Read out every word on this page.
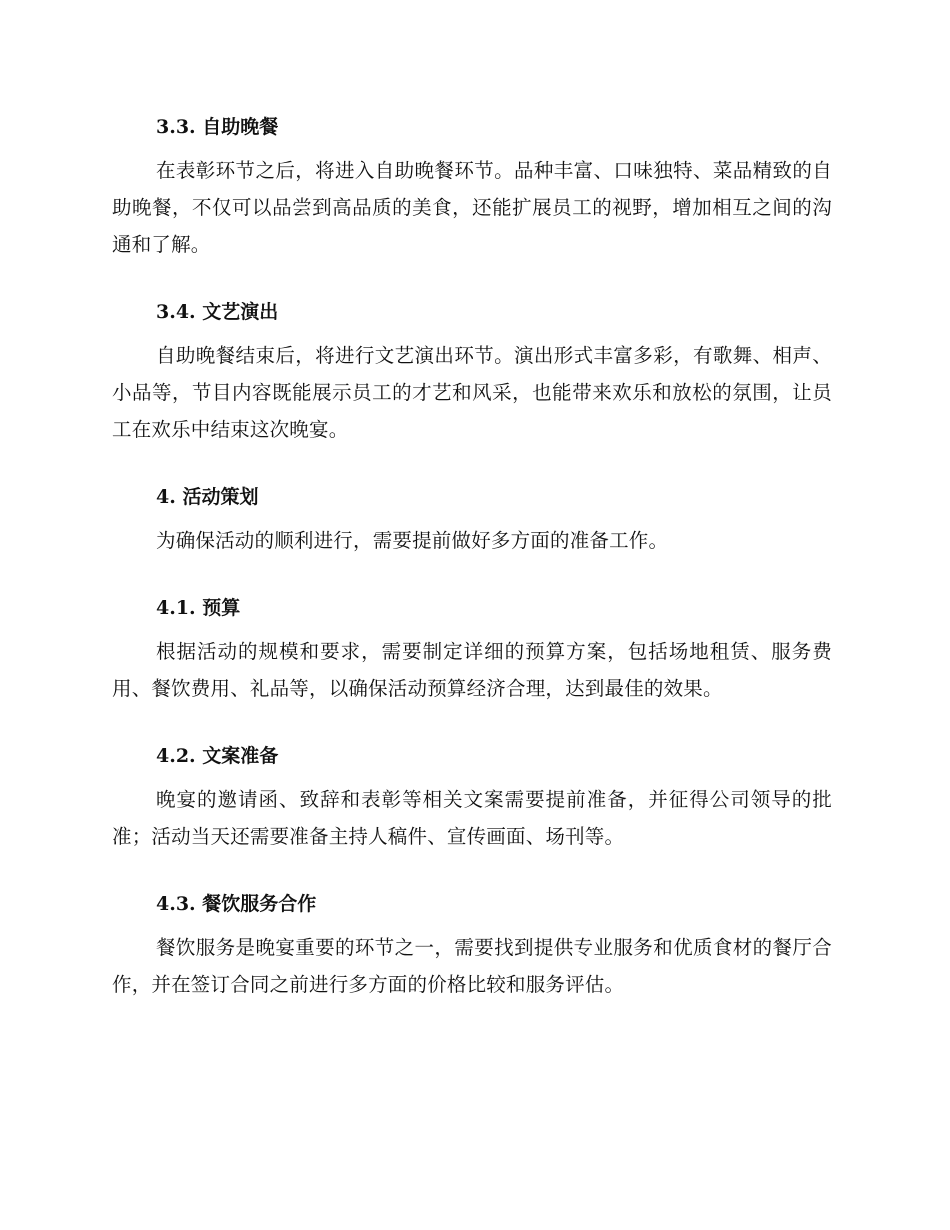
3.3. 自助晚餐

在表彰环节之后，将进入自助晚餐环节。品种丰富、口味独特、菜品精致的自助晚餐，不仅可以品尝到高品质的美食，还能扩展员工的视野，增加相互之间的沟通和了解。

3.4. 文艺演出

自助晚餐结束后，将进行文艺演出环节。演出形式丰富多彩，有歌舞、相声、小品等，节目内容既能展示员工的才艺和风采，也能带来欢乐和放松的氛围，让员工在欢乐中结束这次晚宴。

4. 活动策划

为确保活动的顺利进行，需要提前做好多方面的准备工作。

4.1. 预算

根据活动的规模和要求，需要制定详细的预算方案，包括场地租赁、服务费用、餐饮费用、礼品等，以确保活动预算经济合理，达到最佳的效果。

4.2. 文案准备

晚宴的邀请函、致辞和表彰等相关文案需要提前准备，并征得公司领导的批准；活动当天还需要准备主持人稿件、宣传画面、场刊等。

4.3. 餐饮服务合作

餐饮服务是晚宴重要的环节之一，需要找到提供专业服务和优质食材的餐厅合作，并在签订合同之前进行多方面的价格比较和服务评估。
